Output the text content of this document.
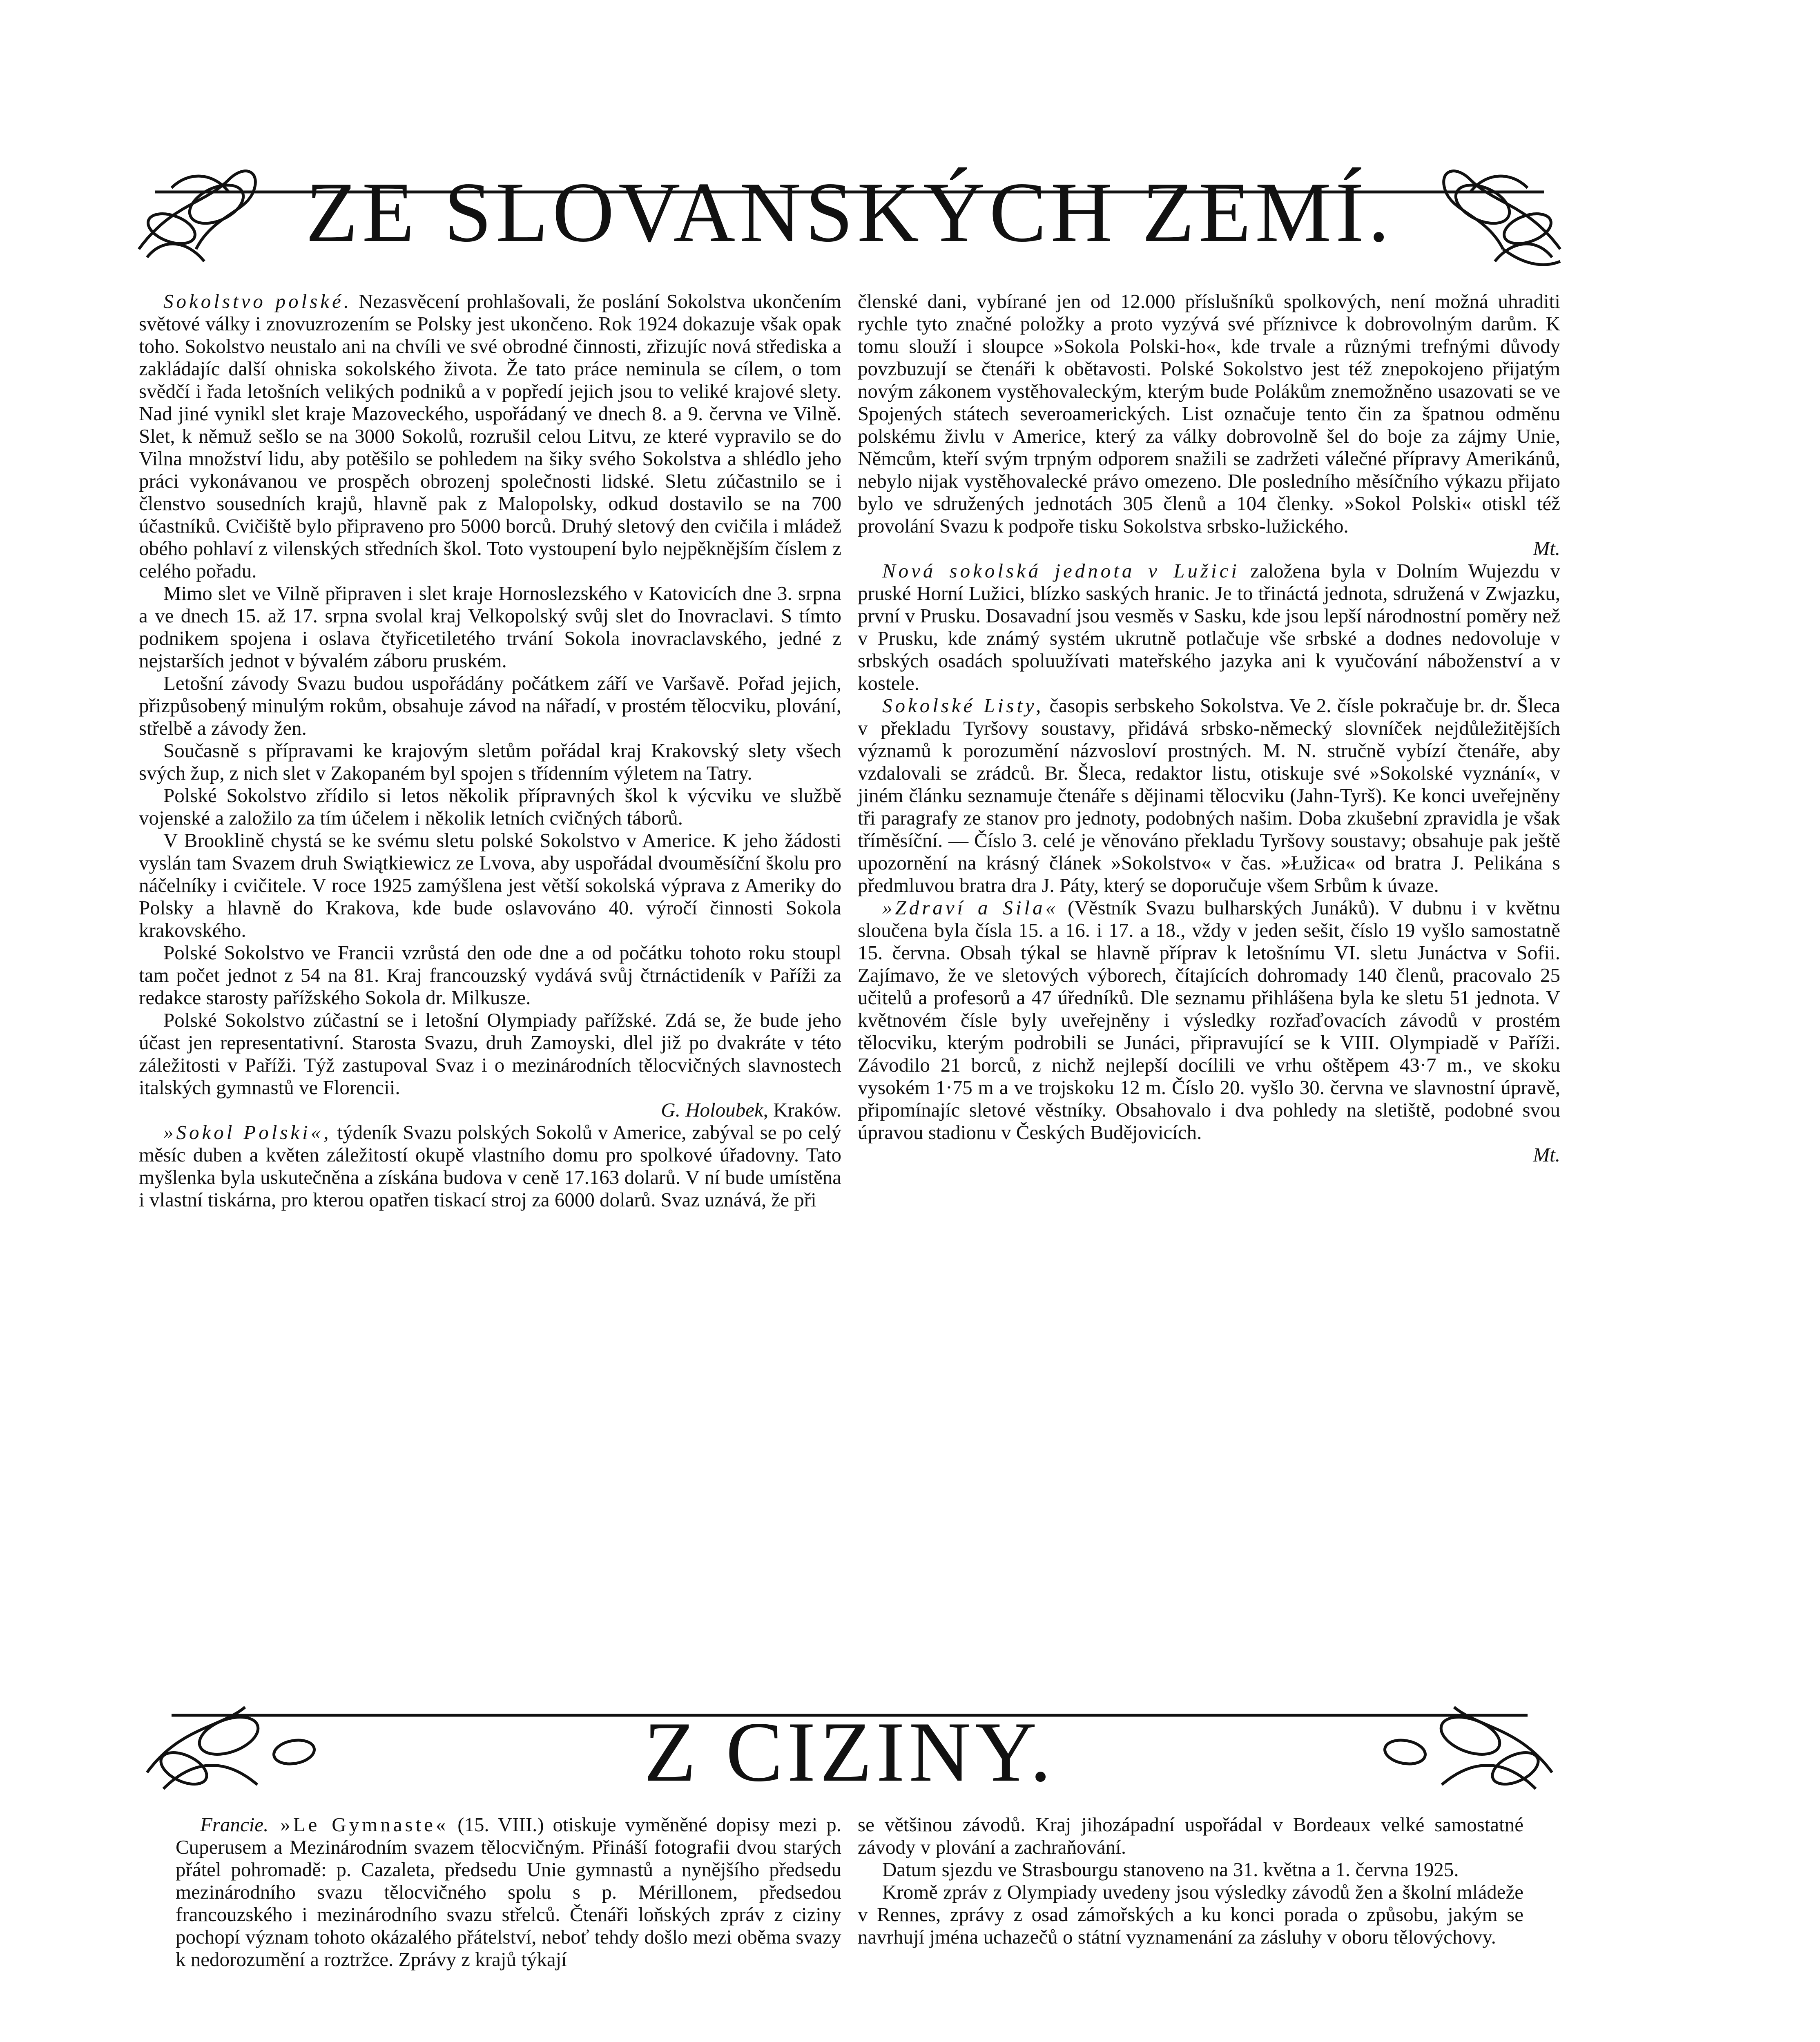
ZE SLOVANSKÝCH ZEMÍ.

Sokolstvo polské. Nezasvěcení prohlašovali, že poslání Sokolstva ukončením světové války i znovuzrozením se Polsky jest ukončeno. Rok 1924 dokazuje však opak toho. Sokolstvo neustalo ani na chvíli ve své obrodné činnosti, zřizujíc nová střediska a zakládajíc další ohniska sokolského života. Že tato práce neminula se cílem, o tom svědčí i řada letošních velikých podniků a v popředí jejich jsou to veliké krajové slety. Nad jiné vynikl slet kraje Mazoveckého, uspořádaný ve dnech 8. a 9. června ve Vilně. Slet, k němuž sešlo se na 3000 Sokolů, rozrušil celou Litvu, ze které vypravilo se do Vilna množství lidu, aby potěšilo se pohledem na šiky svého Sokolstva a shlédlo jeho práci vykonávanou ve prospěch obrozenj společnosti lidské. Sletu zúčastnilo se i členstvo sousedních krajů, hlavně pak z Malopolsky, odkud dostavilo se na 700 účastníků. Cvičiště bylo připraveno pro 5000 borců. Druhý sletový den cvičila i mládež obého pohlaví z vilenských středních škol. Toto vystoupení bylo nejpěknějším číslem z celého pořadu.

Mimo slet ve Vilně připraven i slet kraje Hornoslezského v Katovicích dne 3. srpna a ve dnech 15. až 17. srpna svolal kraj Velkopolský svůj slet do Inovraclavi. S tímto podnikem spojena i oslava čtyřicetiletého trvání Sokola inovraclavského, jedné z nejstarších jednot v bývalém záboru pruském.

Letošní závody Svazu budou uspořádány počátkem září ve Varšavě. Pořad jejich, přizpůsobený minulým rokům, obsahuje závod na nářadí, v prostém tělocviku, plování, střelbě a závody žen.

Současně s přípravami ke krajovým sletům pořádal kraj Krakovský slety všech svých žup, z nich slet v Zakopaném byl spojen s třídenním výletem na Tatry.

Polské Sokolstvo zřídilo si letos několik přípravných škol k výcviku ve službě vojenské a založilo za tím účelem i několik letních cvičných táborů.

V Brooklině chystá se ke svému sletu polské Sokolstvo v Americe. K jeho žádosti vyslán tam Svazem druh Swiątkiewicz ze Lvova, aby uspořádal dvouměsíční školu pro náčelníky i cvičitele. V roce 1925 zamýšlena jest větší sokolská výprava z Ameriky do Polsky a hlavně do Krakova, kde bude oslavováno 40. výročí činnosti Sokola krakovského.

Polské Sokolstvo ve Francii vzrůstá den ode dne a od počátku tohoto roku stoupl tam počet jednot z 54 na 81. Kraj francouzský vydává svůj čtrnáctideník v Paříži za redakce starosty pařížského Sokola dr. Milkusze.

Polské Sokolstvo zúčastní se i letošní Olympiady pařížské. Zdá se, že bude jeho účast jen representativní. Starosta Svazu, druh Zamoyski, dlel již po dvakráte v této záležitosti v Paříži. Týž zastupoval Svaz i o mezinárodních tělocvičných slavnostech italských gymnastů ve Florencii.

G. Holoubek, Kraków.

»Sokol Polski«, týdeník Svazu polských Sokolů v Americe, zabýval se po celý měsíc duben a květen záležitostí okupě vlastního domu pro spolkové úřadovny. Tato myšlenka byla uskutečněna a získána budova v ceně 17.163 dolarů. V ní bude umístěna i vlastní tiskárna, pro kterou opatřen tiskací stroj za 6000 dolarů. Svaz uznává, že při

členské dani, vybírané jen od 12.000 příslušníků spolkových, není možná uhraditi rychle tyto značné položky a proto vyzývá své příznivce k dobrovolným darům. K tomu slouží i sloupce »Sokola Polski-ho«, kde trvale a různými trefnými důvody povzbuzují se čtenáři k obětavosti. Polské Sokolstvo jest též znepokojeno přijatým novým zákonem vystěhovaleckým, kterým bude Polákům znemožněno usazovati se ve Spojených státech severoamerických. List označuje tento čin za špatnou odměnu polskému živlu v Americe, který za války dobrovolně šel do boje za zájmy Unie, Němcům, kteří svým trpným odporem snažili se zadržeti válečné přípravy Amerikánů, nebylo nijak vystěhovalecké právo omezeno. Dle posledního měsíčního výkazu přijato bylo ve sdružených jednotách 305 členů a 104 členky. »Sokol Polski« otiskl též provolání Svazu k podpoře tisku Sokolstva srbsko-lužického.

Mt.

Nová sokolská jednota v Lužici založena byla v Dolním Wujezdu v pruské Horní Lužici, blízko saských hranic. Je to třináctá jednota, sdružená v Zwjazku, první v Prusku. Dosavadní jsou vesměs v Sasku, kde jsou lepší národnostní poměry než v Prusku, kde známý systém ukrutně potlačuje vše srbské a dodnes nedovoluje v srbských osadách spoluužívati mateřského jazyka ani k vyučování náboženství a v kostele.

Sokolské Listy, časopis serbskeho Sokolstva. Ve 2. čísle pokračuje br. dr. Šleca v překladu Tyršovy soustavy, přidává srbsko-německý slovníček nejdůležitějších významů k porozumění názvosloví prostných. M. N. stručně vybízí čtenáře, aby vzdalovali se zrádců. Br. Šleca, redaktor listu, otiskuje své »Sokolské vyznání«, v jiném článku seznamuje čtenáře s dějinami tělocviku (Jahn-Tyrš). Ke konci uveřejněny tři paragrafy ze stanov pro jednoty, podobných našim. Doba zkušební zpravidla je však tříměsíční. — Číslo 3. celé je věnováno překladu Tyršovy soustavy; obsahuje pak ještě upozornění na krásný článek »Sokolstvo« v čas. »Łužica« od bratra J. Pelikána s předmluvou bratra dra J. Páty, který se doporučuje všem Srbům k úvaze.

»Zdraví a Sila« (Věstník Svazu bulharských Junáků). V dubnu i v květnu sloučena byla čísla 15. a 16. i 17. a 18., vždy v jeden sešit, číslo 19 vyšlo samostatně 15. června. Obsah týkal se hlavně příprav k letošnímu VI. sletu Junáctva v Sofii. Zajímavo, že ve sletových výborech, čítajících dohromady 140 členů, pracovalo 25 učitelů a profesorů a 47 úředníků. Dle seznamu přihlášena byla ke sletu 51 jednota. V květnovém čísle byly uveřejněny i výsledky rozřaďovacích závodů v prostém tělocviku, kterým podrobili se Junáci, připravující se k VIII. Olympiadě v Paříži. Závodilo 21 borců, z nichž nejlepší docílili ve vrhu oštěpem 43·7 m., ve skoku vysokém 1·75 m a ve trojskoku 12 m. Číslo 20. vyšlo 30. června ve slavnostní úpravě, připomínajíc sletové věstníky. Obsahovalo i dva pohledy na sletiště, podobné svou úpravou stadionu v Českých Budějovicích.

Mt.

Z CIZINY.

Francie. »Le Gymnaste« (15. VIII.) otiskuje vyměněné dopisy mezi p. Cuperusem a Mezinárodním svazem tělocvičným. Přináší fotografii dvou starých přátel pohromadě: p. Cazaleta, předsedu Unie gymnastů a nynějšího předsedu mezinárodního svazu tělocvičného spolu s p. Mérillonem, předsedou francouzského i mezinárodního svazu střelců. Čtenáři loňských zpráv z ciziny pochopí význam tohoto okázalého přátelství, neboť tehdy došlo mezi oběma svazy k nedorozumění a roztržce. Zprávy z krajů týkají

se většinou závodů. Kraj jihozápadní uspořádal v Bordeaux velké samostatné závody v plování a zachraňování.

Datum sjezdu ve Strasbourgu stanoveno na 31. května a 1. června 1925.

Kromě zpráv z Olympiady uvedeny jsou výsledky závodů žen a školní mládeže v Rennes, zprávy z osad zámořských a ku konci porada o způsobu, jakým se navrhují jména uchazečů o státní vyznamenání za zásluhy v oboru tělovýchovy.
